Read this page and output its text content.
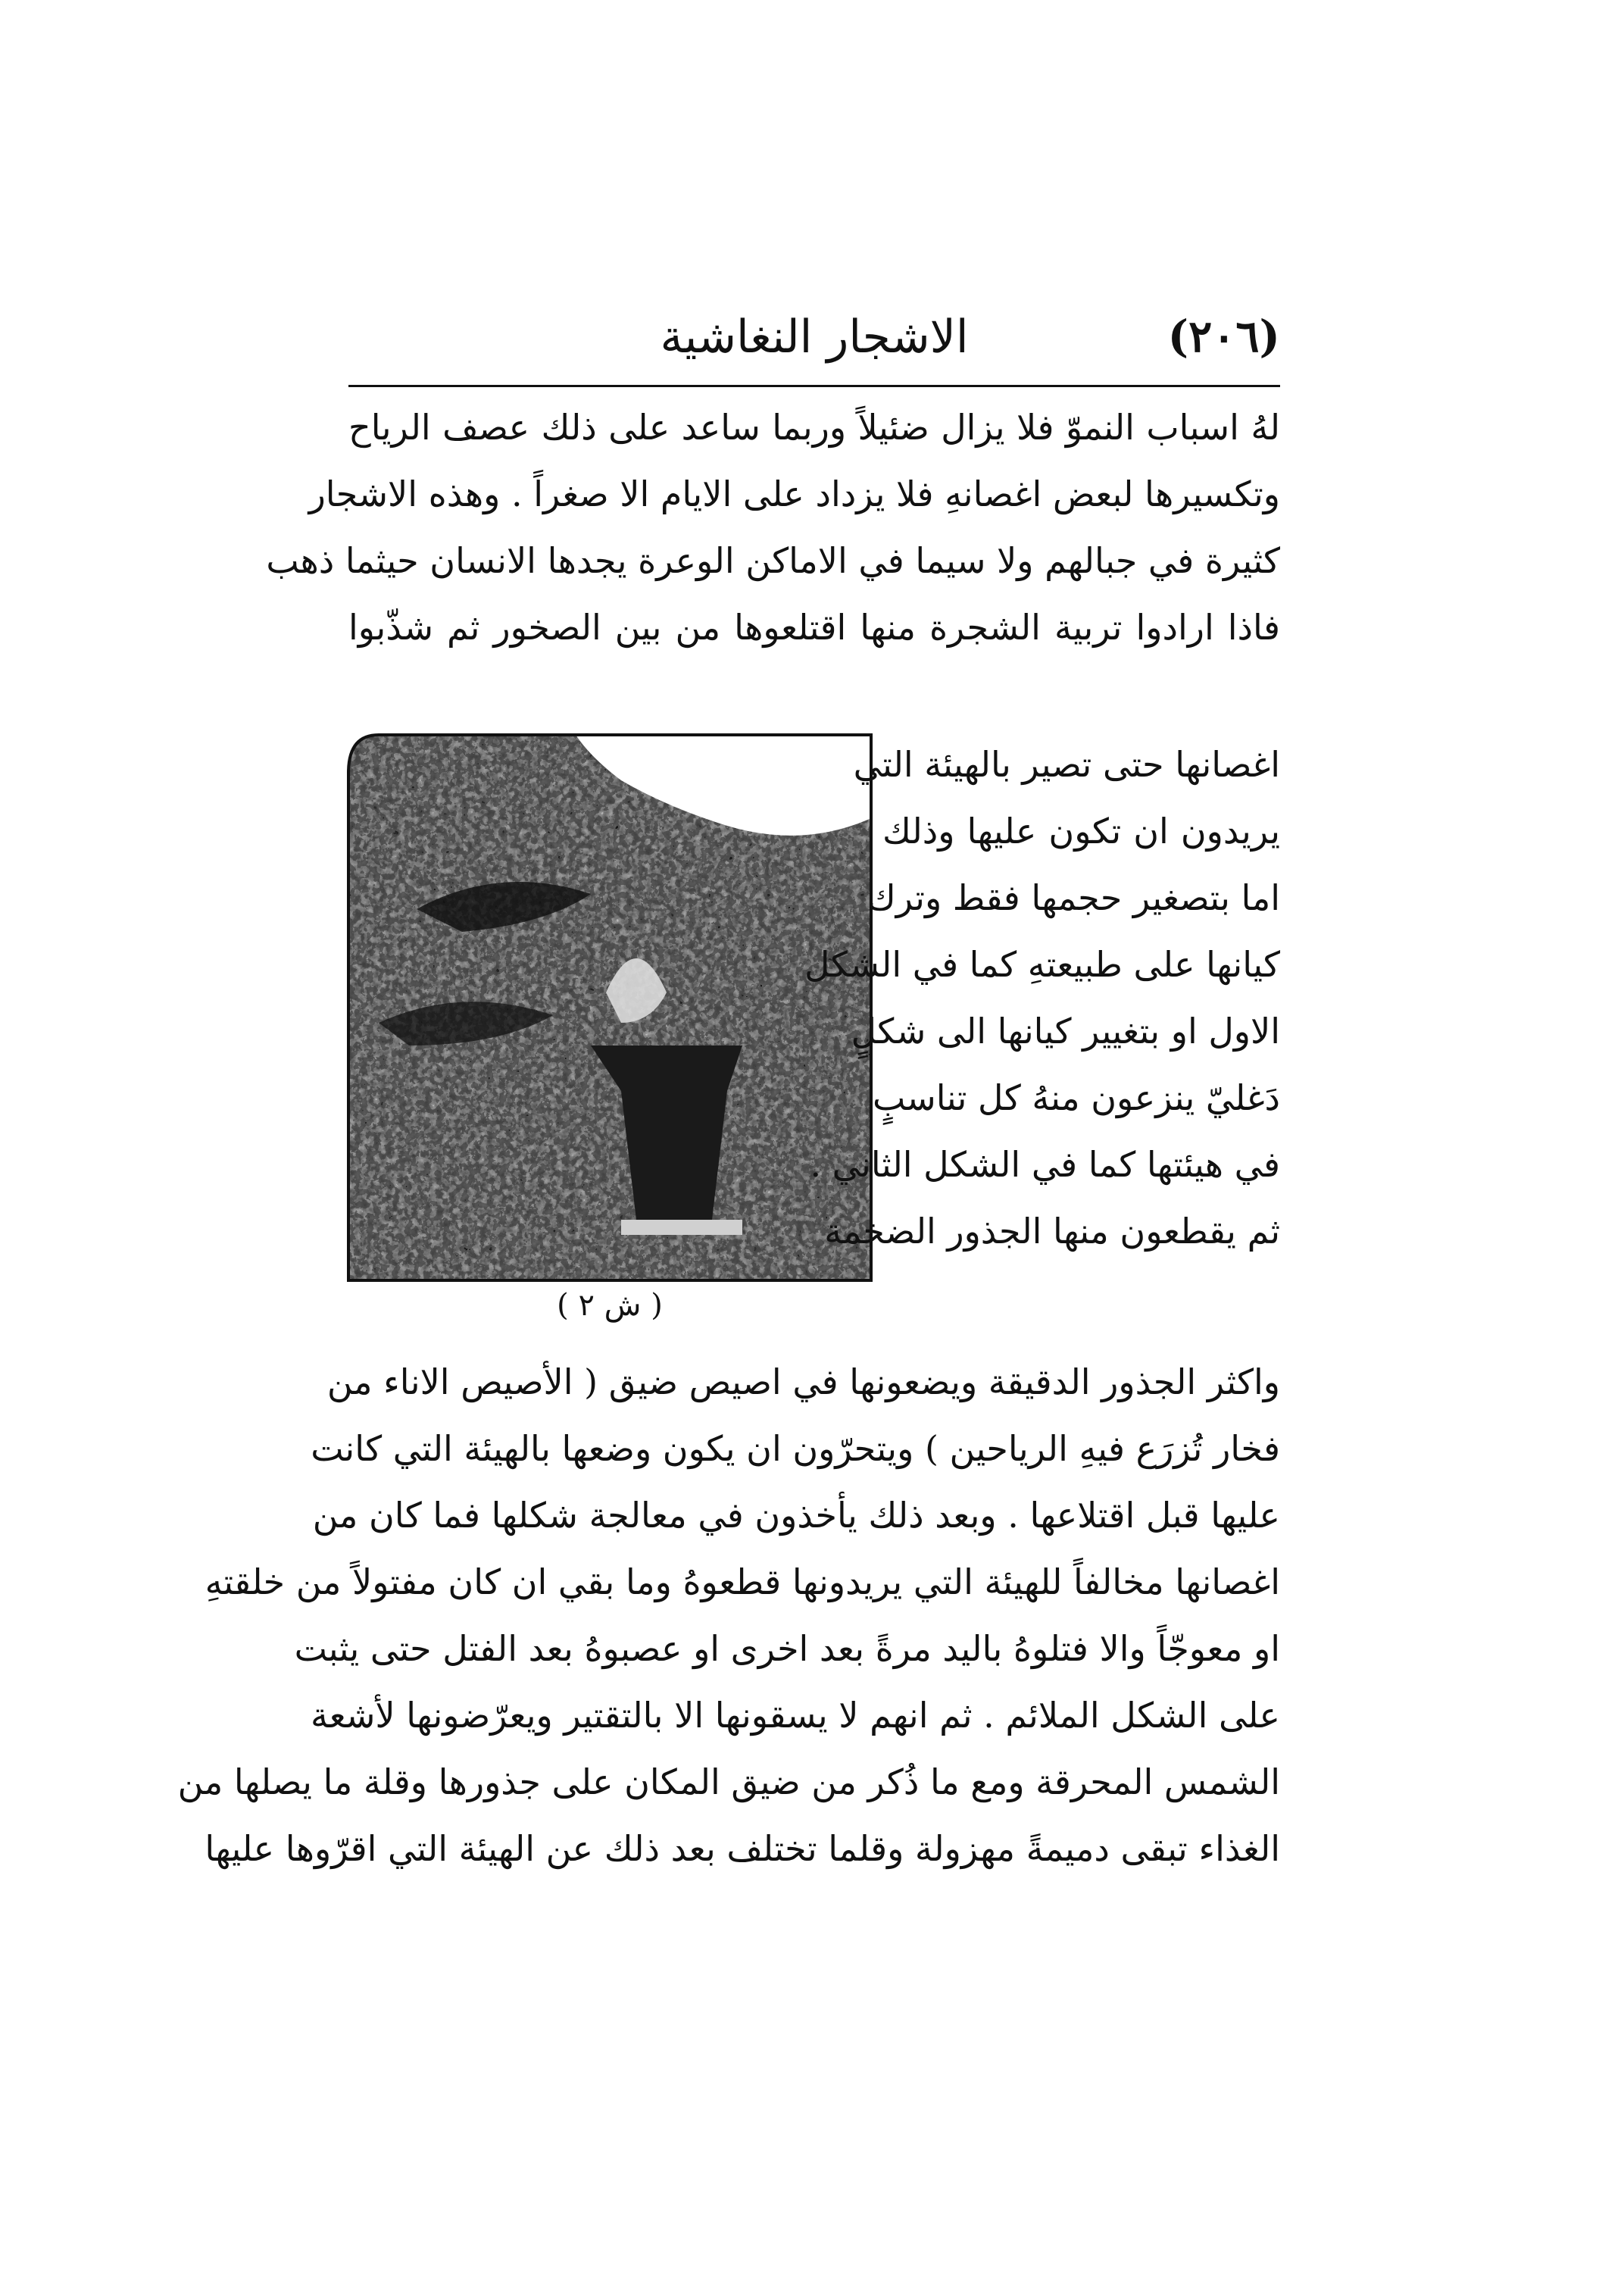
(٢٠٦)
الاشجار النغاشية
لهُ اسباب النموّ فلا يزال ضئيلاً وربما ساعد على ذلك عصف الرياح
وتكسيرها لبعض اغصانهِ فلا يزداد على الايام الا صغراً . وهذه الاشجار
كثيرة في جبالهم ولا سيما في الاماكن الوعرة يجدها الانسان حيثما ذهب
فاذا ارادوا تربية الشجرة منها اقتلعوها من بين الصخور ثم شذّبوا
( ش ٢ )
اغصانها حتى تصير بالهيئة التي
يريدون ان تكون عليها وذلك
اما بتصغير حجمها فقط وترك
كيانها على طبيعتهِ كما في الشكل
الاول او بتغيير كيانها الى شكلٍ
دَغليّ ينزعون منهُ كل تناسبٍ
في هيئتها كما في الشكل الثاني .
ثم يقطعون منها الجذور الضخمة
واكثر الجذور الدقيقة ويضعونها في اصيص ضيق ( الأصيص الاناء من
فخار تُزرَع فيهِ الرياحين ) ويتحرّون ان يكون وضعها بالهيئة التي كانت
عليها قبل اقتلاعها . وبعد ذلك يأخذون في معالجة شكلها فما كان من
اغصانها مخالفاً للهيئة التي يريدونها قطعوهُ وما بقي ان كان مفتولاً من خلقتهِ
او معوجّاً والا فتلوهُ باليد مرةً بعد اخرى او عصبوهُ بعد الفتل حتى يثبت
على الشكل الملائم . ثم انهم لا يسقونها الا بالتقتير ويعرّضونها لأشعة
الشمس المحرقة ومع ما ذُكر من ضيق المكان على جذورها وقلة ما يصلها من
الغذاء تبقى دميمةً مهزولة وقلما تختلف بعد ذلك عن الهيئة التي اقرّوها عليها
